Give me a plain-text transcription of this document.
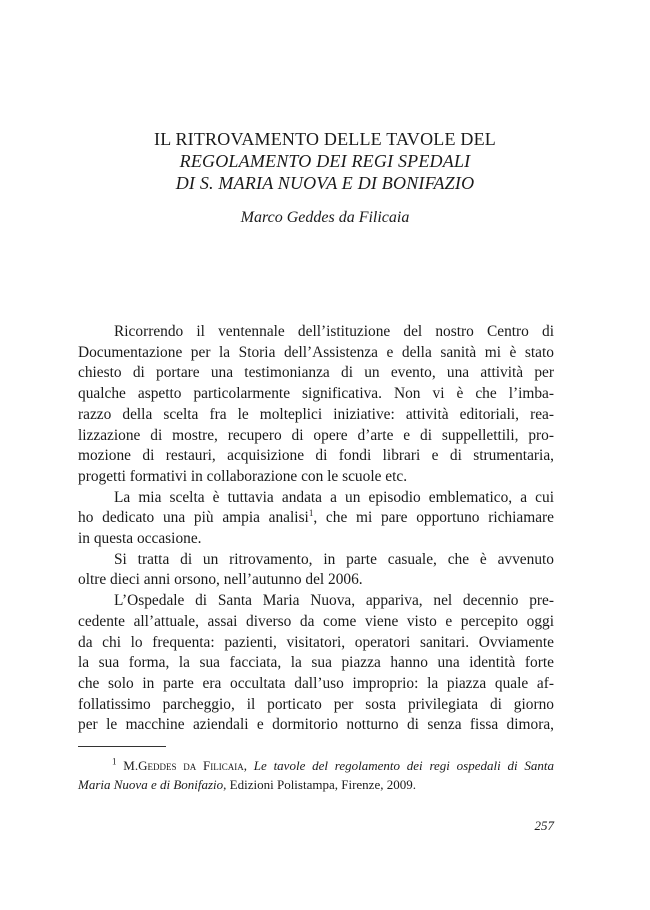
IL RITROVAMENTO DELLE TAVOLE DEL
REGOLAMENTO DEI REGI SPEDALI
DI S. MARIA NUOVA E DI BONIFAZIO
Marco Geddes da Filicaia

Ricorrendo il ventennale dell’istituzione del nostro Centro di
Documentazione per la Storia dell’Assistenza e della sanità mi è stato
chiesto di portare una testimonianza di un evento, una attività per
qualche aspetto particolarmente significativa. Non vi è che l’imba-
razzo della scelta fra le molteplici iniziative: attività editoriali, rea-
lizzazione di mostre, recupero di opere d’arte e di suppellettili, pro-
mozione di restauri, acquisizione di fondi librari e di strumentaria,
progetti formativi in collaborazione con le scuole etc.

La mia scelta è tuttavia andata a un episodio emblematico, a cui
ho dedicato una più ampia analisi$^1$, che mi pare opportuno richiamare
in questa occasione.

Si tratta di un ritrovamento, in parte casuale, che è avvenuto
oltre dieci anni orsono, nell’autunno del 2006.

L’Ospedale di Santa Maria Nuova, appariva, nel decennio pre-
cedente all’attuale, assai diverso da come viene visto e percepito oggi
da chi lo frequenta: pazienti, visitatori, operatori sanitari. Ovviamente
la sua forma, la sua facciata, la sua piazza hanno una identità forte
che solo in parte era occultata dall’uso improprio: la piazza quale af-
follatissimo parcheggio, il porticato per sosta privilegiata di giorno
per le macchine aziendali e dormitorio notturno di senza fissa dimora,

$^1$ M.Geddes da Filicaia, Le tavole del regolamento dei regi ospedali di Santa
Maria Nuova e di Bonifazio, Edizioni Polistampa, Firenze, 2009.
257
